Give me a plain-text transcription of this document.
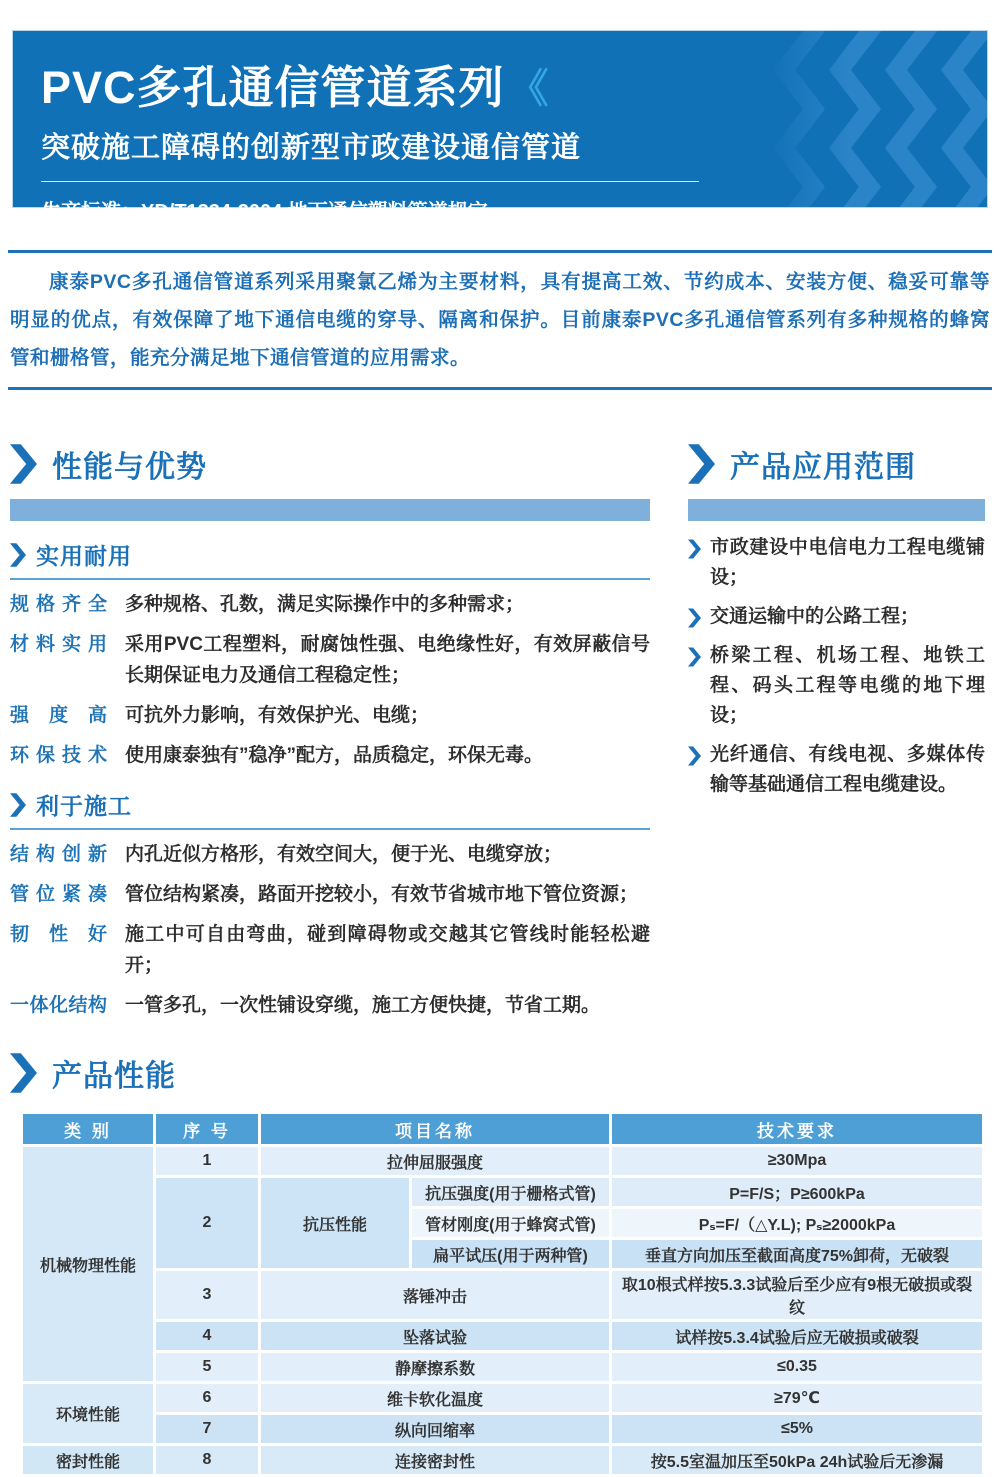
PVC多孔通信管道系列 《
突破施工障碍的创新型市政建设通信管道
生产标准：YD/T1324-2004 地下通信塑料管道规定

康泰PVC多孔通信管道系列采用聚氯乙烯为主要材料，具有提高工效、节约成本、安装方便、稳妥可靠等明显的优点，有效保障了地下通信电缆的穿导、隔离和保护。目前康泰PVC多孔通信管系列有多种规格的蜂窝管和栅格管，能充分满足地下通信管道的应用需求。

性能与优势
实用耐用
规格齐全 多种规格、孔数，满足实际操作中的多种需求；
材料实用 采用PVC工程塑料，耐腐蚀性强、电绝缘性好，有效屏蔽信号长期保证电力及通信工程稳定性；
强度高 可抗外力影响，有效保护光、电缆；
环保技术 使用康泰独有”稳净”配方，品质稳定，环保无毒。
利于施工
结构创新 内孔近似方格形，有效空间大，便于光、电缆穿放；
管位紧凑 管位结构紧凑，路面开挖较小，有效节省城市地下管位资源；
韧性好 施工中可自由弯曲，碰到障碍物或交越其它管线时能轻松避开；
一体化结构 一管多孔，一次性铺设穿缆，施工方便快捷，节省工期。
产品应用范围
市政建设中电信电力工程电缆铺设；
交通运输中的公路工程；
桥梁工程、机场工程、地铁工程、码头工程等电缆的地下埋设；
光纤通信、有线电视、多媒体传输等基础通信工程电缆建设。
产品性能
类 别	序 号	项目名称		技术要求
机械物理性能	1	拉伸屈服强度		≥30Mpa
	2	抗压性能	抗压强度(用于栅格式管)	P=F/S；P≥600kPa
			管材刚度(用于蜂窝式管)	Pₛ=F/（△Y.L); Pₛ≥2000kPa
			扁平试压(用于两种管)	垂直方向加压至截面高度75%卸荷，无破裂
	3	落锤冲击		取10根式样按5.3.3试验后至少应有9根无破损或裂纹
	4	坠落试验		试样按5.3.4试验后应无破损或破裂
	5	静摩擦系数		≤0.35
环境性能	6	维卡软化温度		≥79℃
	7	纵向回缩率		≤5%
密封性能	8	连接密封性		按5.5室温加压至50kPa 24h试验后无渗漏
